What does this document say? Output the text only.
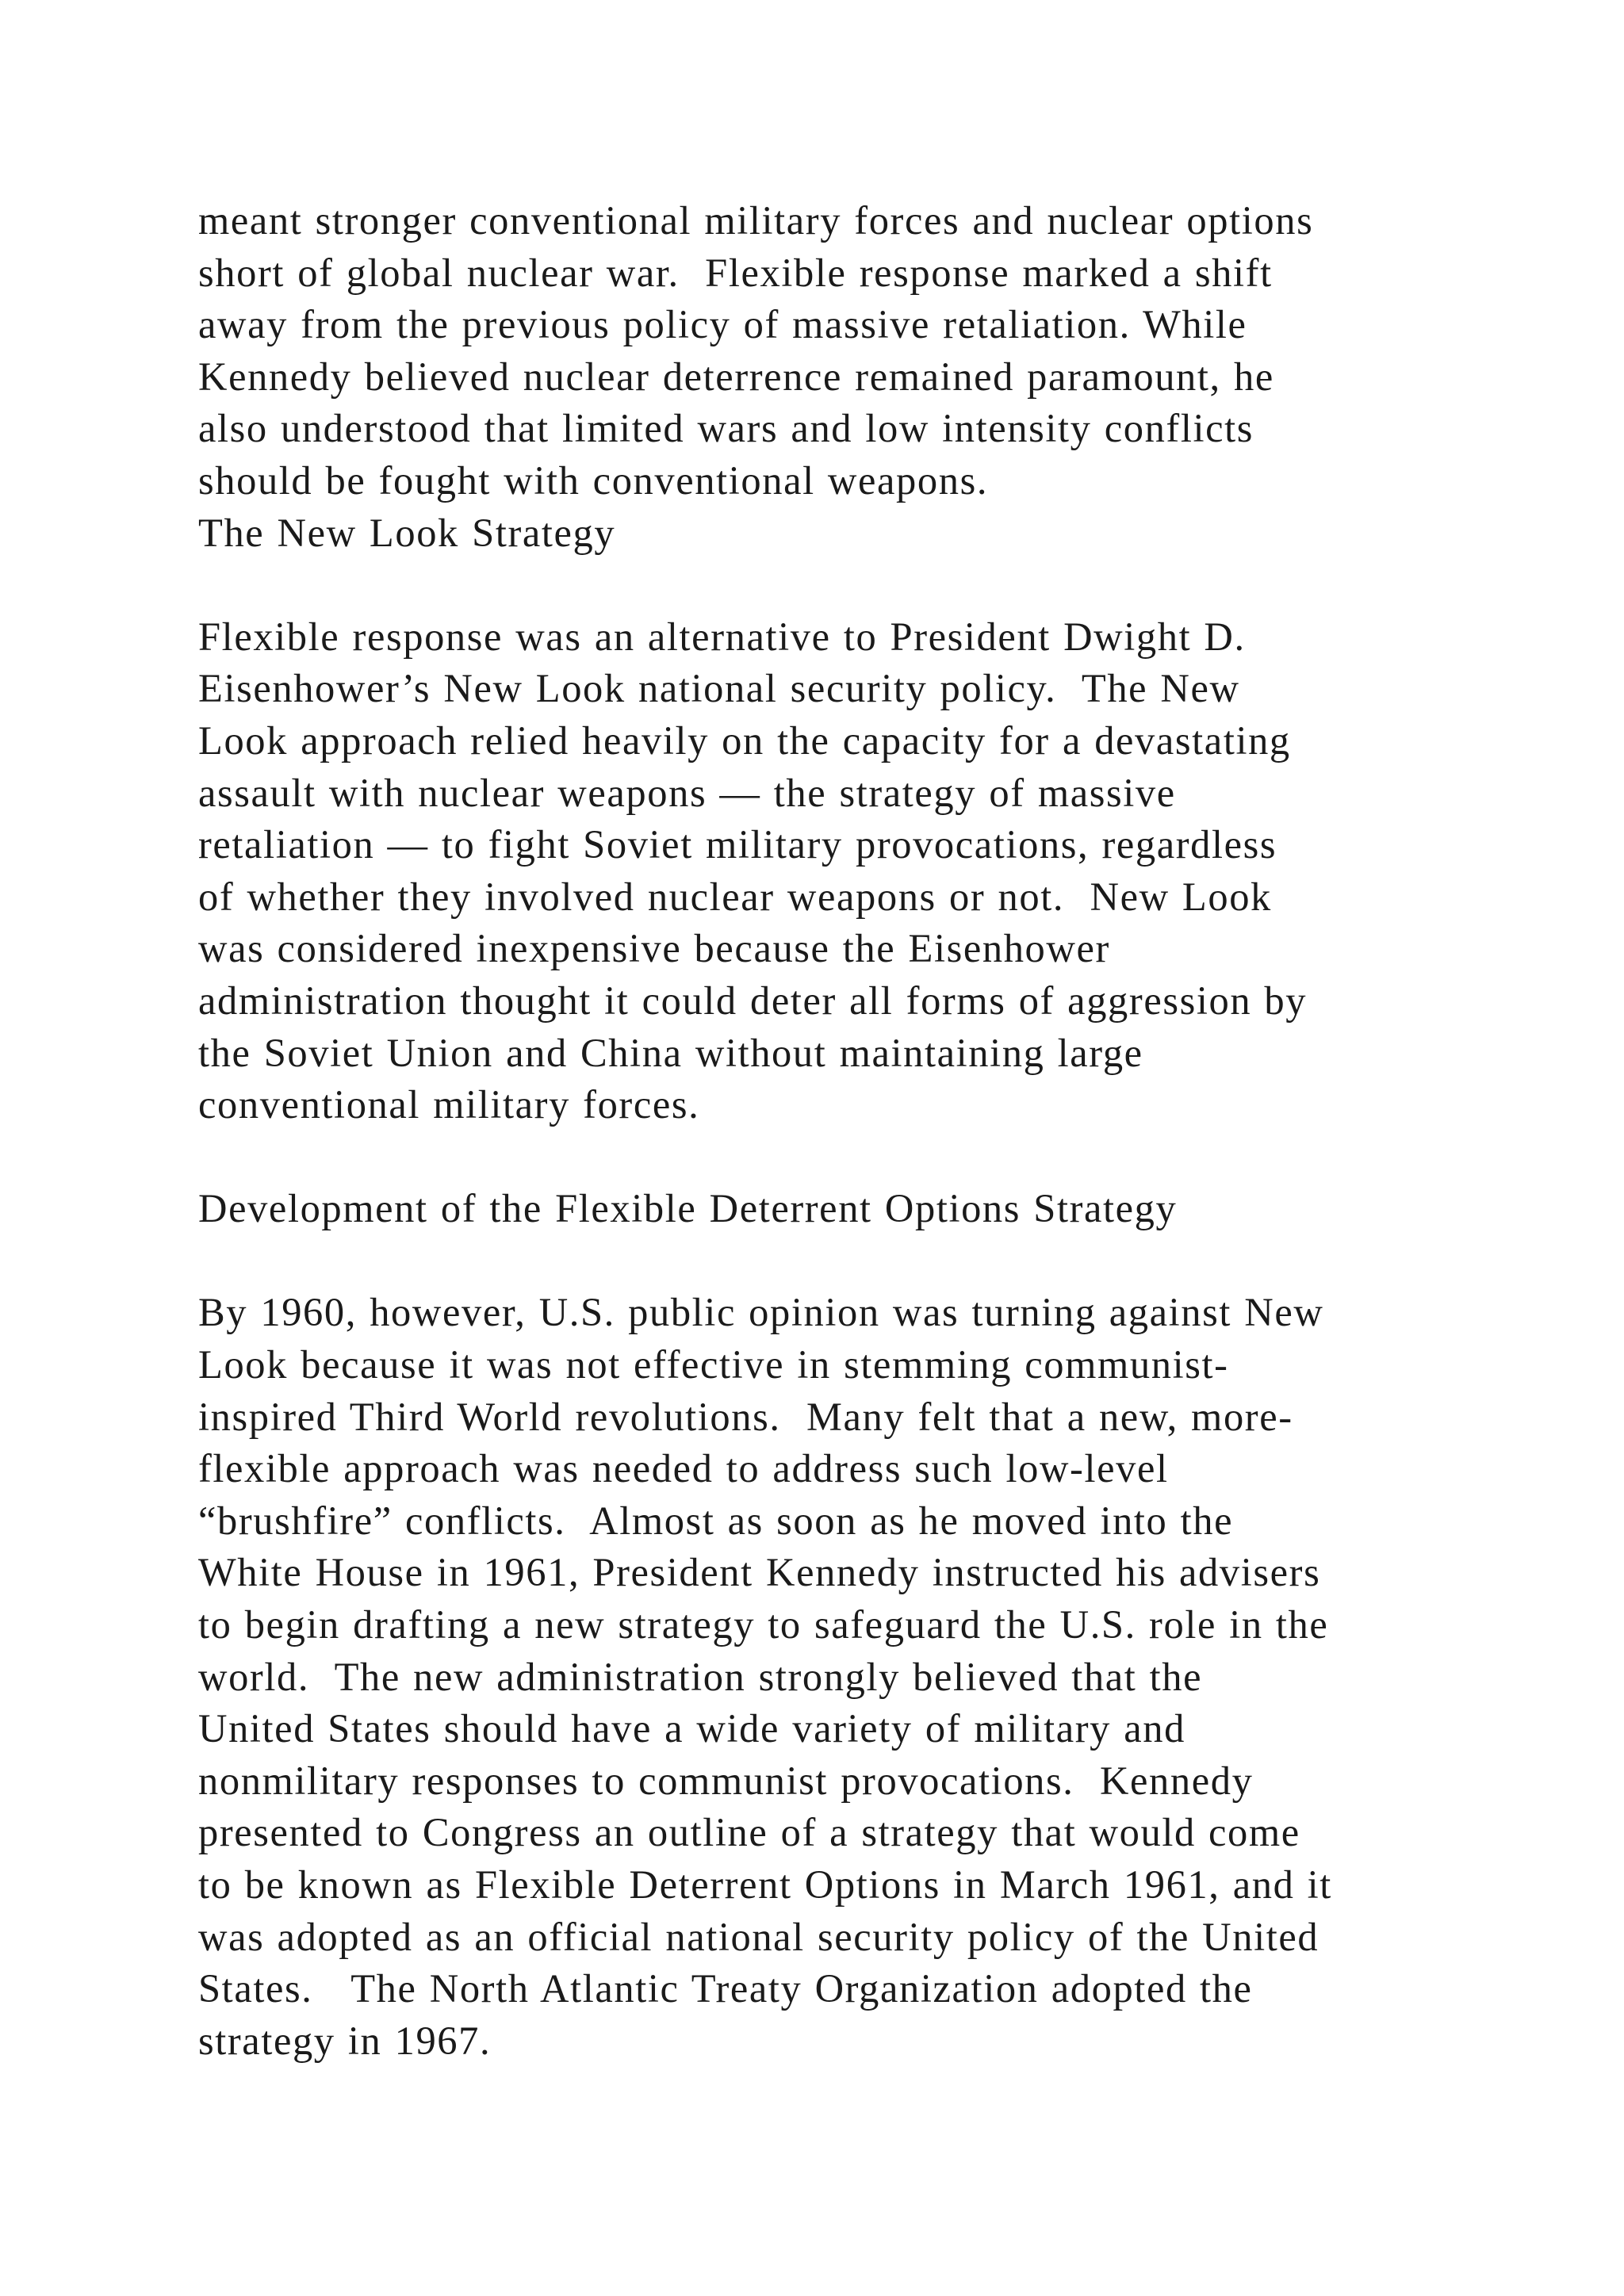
meant stronger conventional military forces and nuclear options
short of global nuclear war.  Flexible response marked a shift
away from the previous policy of massive retaliation. While
Kennedy believed nuclear deterrence remained paramount, he
also understood that limited wars and low intensity conflicts
should be fought with conventional weapons.
The New Look Strategy
Flexible response was an alternative to President Dwight D.
Eisenhower’s New Look national security policy.  The New
Look approach relied heavily on the capacity for a devastating
assault with nuclear weapons — the strategy of massive
retaliation — to fight Soviet military provocations, regardless
of whether they involved nuclear weapons or not.  New Look
was considered inexpensive because the Eisenhower
administration thought it could deter all forms of aggression by
the Soviet Union and China without maintaining large
conventional military forces.
Development of the Flexible Deterrent Options Strategy
By 1960, however, U.S. public opinion was turning against New
Look because it was not effective in stemming communist-
inspired Third World revolutions.  Many felt that a new, more-
flexible approach was needed to address such low-level
“brushfire” conflicts.  Almost as soon as he moved into the
White House in 1961, President Kennedy instructed his advisers
to begin drafting a new strategy to safeguard the U.S. role in the
world.  The new administration strongly believed that the
United States should have a wide variety of military and
nonmilitary responses to communist provocations.  Kennedy
presented to Congress an outline of a strategy that would come
to be known as Flexible Deterrent Options in March 1961, and it
was adopted as an official national security policy of the United
States.   The North Atlantic Treaty Organization adopted the
strategy in 1967.
